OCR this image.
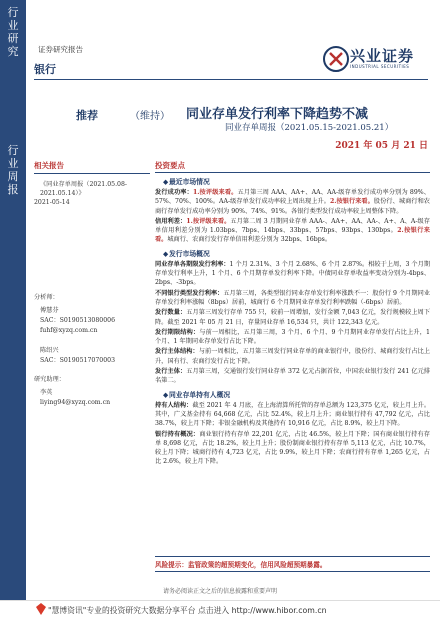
行
业
研
究
行
业
周
报
证券研究报告
银行
兴业证券
INDUSTRIAL SECURITIES
推荐	（维持） 同业存单发行利率下降趋势不减
同业存单周报（2021.05.15-2021.05.21）
2021 年 05 月 21 日
相关报告
《同业存单周报（2021.05.08-2021.05.14）》
2021-05-14
分析师：
傅慧芬
SAC：S0190513080006
fuhf@xyzq.com.cn
陈绍兴
SAC：S0190517070003
研究助理：
李英
liying94@xyzq.com.cn
投资要点
◆最近市场情况

发行成功率：1.按评级来看。五月第三周 AAA、AA+、AA、AA-级存单发行成功率分别为 89%、57%、70%、100%。AA-级存单发行成功率较上周出现上升。2.按银行来看。股份行、城商行和农商行存单发行成功率分别为 90%、74%、91%。各银行类型发行成功率较上周整体下降。

信用利差：1.按评级来看。五月第二周 3 月期同业存单 AAA-、AA+、AA、AA-、A+、A、A-级存单信用利差分别为 1.03bps、7bps、14bps、33bps、57bps、93bps、130bps。2.按银行来看。城商行、农商行发行存单信用利差分别为 32bps、16bps。

◆发行市场概况

同业存单各期限发行利率：1 个月 2.31%、3 个月 2.68%、6 个月 2.87%。相较于上周，3 个月期存单发行利率上升，1 个月、6 个月期存单发行利率下降。中债同业存单收益率变动分别为-4bps、2bps、-3bps。

不同银行类型发行利率：五月第三周，各类型银行同业存单发行利率涨跌不一：股份行 9 个月期同业存单发行利率涨幅（8bps）居前，城商行 6 个月期同业存单发行利率跌幅（-6bps）居前。

发行数量：五月第三周发行存单 755 只，较前一周增加，发行金额 7,043 亿元，发行规模较上周下降。截至 2021 年 05 月 21 日，存量同业存单 16,534 只，共计 122,343 亿元。

发行期限结构：与前一周相比，五月第三周，3 个月、6 个月、9 个月期同业存单发行占比上升，1 个月、1 年期同业存单发行占比下降。

发行主体结构：与前一周相比，五月第三周发行同业存单的商业银行中，股份行、城商行发行占比上升，国有行、农商行发行占比下降。

发行主体：五月第三周，交通银行发行同业存单 372 亿元占据首位，中国农业银行发行 241 亿元排名第二。

◆同业存单持有人概况

持有人结构：截至 2021 年 4 月底，在上海清算所托管的存单总额为 123,375 亿元，较上月上升。其中，广义基金持有 64,668 亿元，占比 52.4%，较上月上升；商业银行持有 47,792 亿元，占比 38.7%，较上月下降；非银金融机构及其他持有 10,916 亿元，占比 8.9%，较上月下降。

银行持有概况：商业银行持有存单 22,201 亿元，占比 46.5%，较上月下降；国有商业银行持有存单 8,698 亿元，占比 18.2%，较上月上升；股份制商业银行持有存单 5,113 亿元，占比 10.7%，较上月下降；城商行持有 4,723 亿元，占比 9.9%，较上月下降；农商行持有存单 1,265 亿元，占比 2.6%，较上月下降。

风险提示：监管政策的超预期变化，信用风险超预期暴露。
请务必阅读正文之后的信息披露和重要声明
"慧博资讯"专业的投资研究大数据分享平台 点击进入 http://www.hibor.com.cn
